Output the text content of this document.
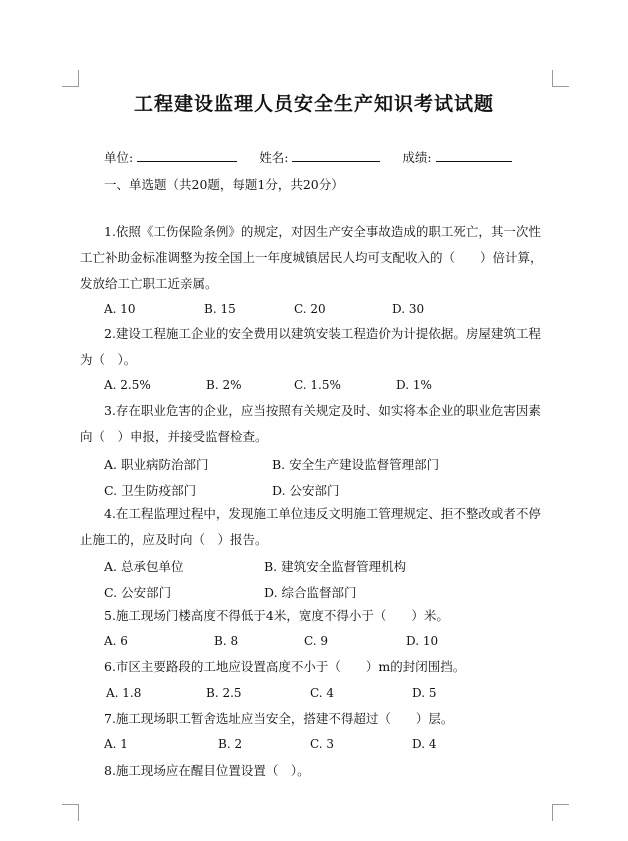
工程建设监理人员安全生产知识考试试题
单位:	姓名:	成绩:
一、单选题（共20题，每题1分，共20分）
1.依照《工伤保险条例》的规定，对因生产安全事故造成的职工死亡，其一次性
工亡补助金标准调整为按全国上一年度城镇居民人均可支配收入的（　　）倍计算，
发放给工亡职工近亲属。
A. 10	B. 15	C. 20	D. 30
2.建设工程施工企业的安全费用以建筑安装工程造价为计提依据。房屋建筑工程
为（　）。
A. 2.5%	B. 2%	C. 1.5%	D. 1%
3.存在职业危害的企业，应当按照有关规定及时、如实将本企业的职业危害因素
向（　）申报，并接受监督检查。
A. 职业病防治部门	B. 安全生产建设监督管理部门
C. 卫生防疫部门	D. 公安部门
4.在工程监理过程中，发现施工单位违反文明施工管理规定、拒不整改或者不停
止施工的，应及时向（　）报告。
A. 总承包单位	B. 建筑安全监督管理机构
C. 公安部门	D. 综合监督部门
5.施工现场门楼高度不得低于4米，宽度不得小于（　　）米。
A. 6	B. 8	C. 9	D. 10
6.市区主要路段的工地应设置高度不小于（　　）m的封闭围挡。
A. 1.8	B. 2.5	C. 4	D. 5
7.施工现场职工暂舍选址应当安全，搭建不得超过（　　）层。
A. 1	B. 2	C. 3	D. 4
8.施工现场应在醒目位置设置（　）。
